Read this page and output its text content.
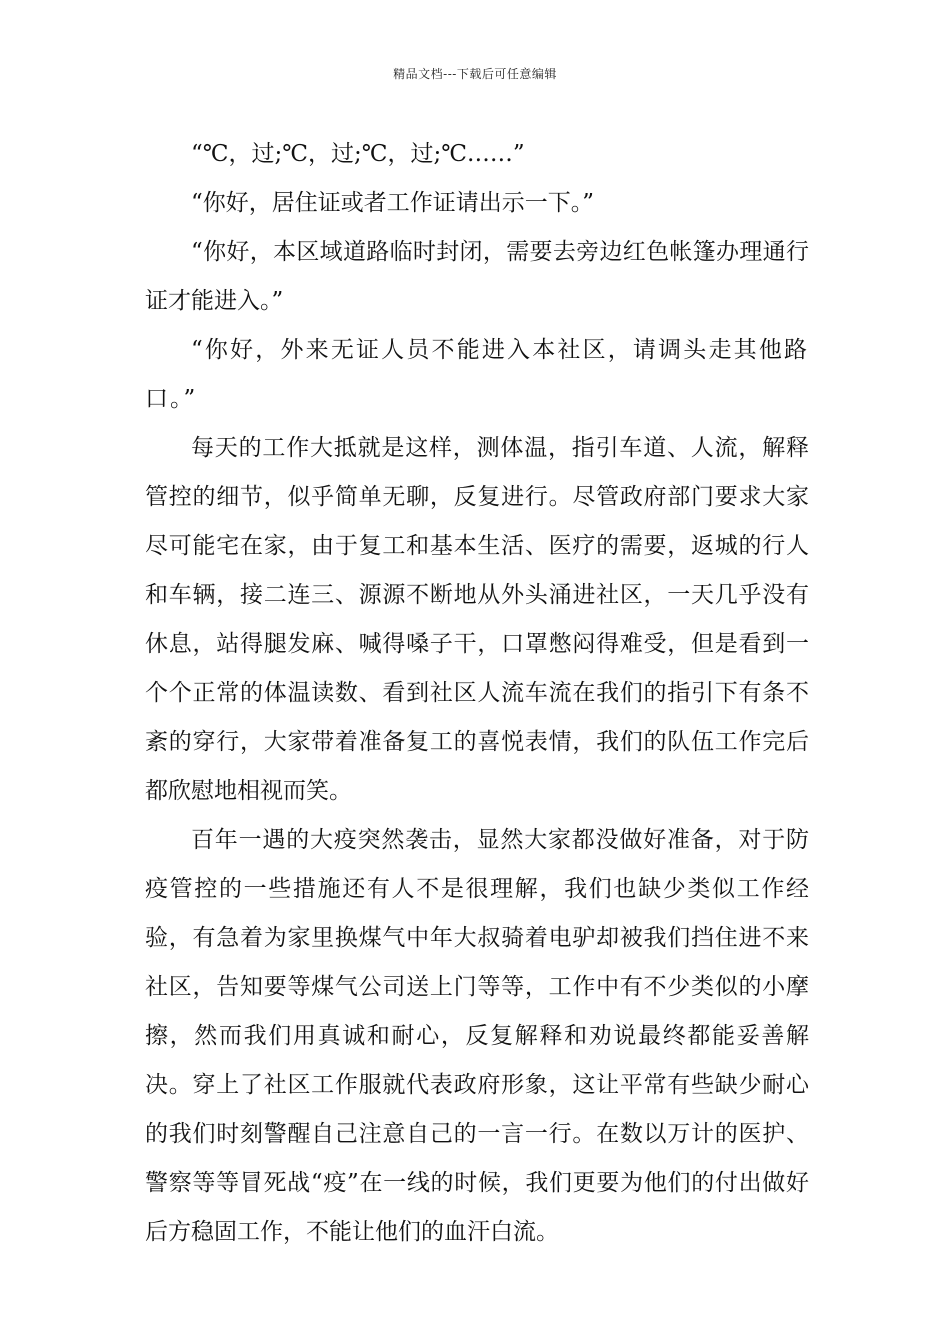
精品文档---下载后可任意编辑

“℃，过;℃，过;℃，过;℃……”

“你好，居住证或者工作证请出示一下。”

“你好，本区域道路临时封闭，需要去旁边红色帐篷办理通行证才能进入。”

“你好，外来无证人员不能进入本社区，请调头走其他路口。”

每天的工作大抵就是这样，测体温，指引车道、人流，解释管控的细节，似乎简单无聊，反复进行。尽管政府部门要求大家尽可能宅在家，由于复工和基本生活、医疗的需要，返城的行人和车辆，接二连三、源源不断地从外头涌进社区，一天几乎没有休息，站得腿发麻、喊得嗓子干，口罩憋闷得难受，但是看到一个个正常的体温读数、看到社区人流车流在我们的指引下有条不紊的穿行，大家带着准备复工的喜悦表情，我们的队伍工作完后都欣慰地相视而笑。

百年一遇的大疫突然袭击，显然大家都没做好准备，对于防疫管控的一些措施还有人不是很理解，我们也缺少类似工作经验，有急着为家里换煤气中年大叔骑着电驴却被我们挡住进不来社区，告知要等煤气公司送上门等等，工作中有不少类似的小摩擦，然而我们用真诚和耐心，反复解释和劝说最终都能妥善解决。穿上了社区工作服就代表政府形象，这让平常有些缺少耐心的我们时刻警醒自己注意自己的一言一行。在数以万计的医护、警察等等冒死战“疫”在一线的时候，我们更要为他们的付出做好后方稳固工作，不能让他们的血汗白流。
